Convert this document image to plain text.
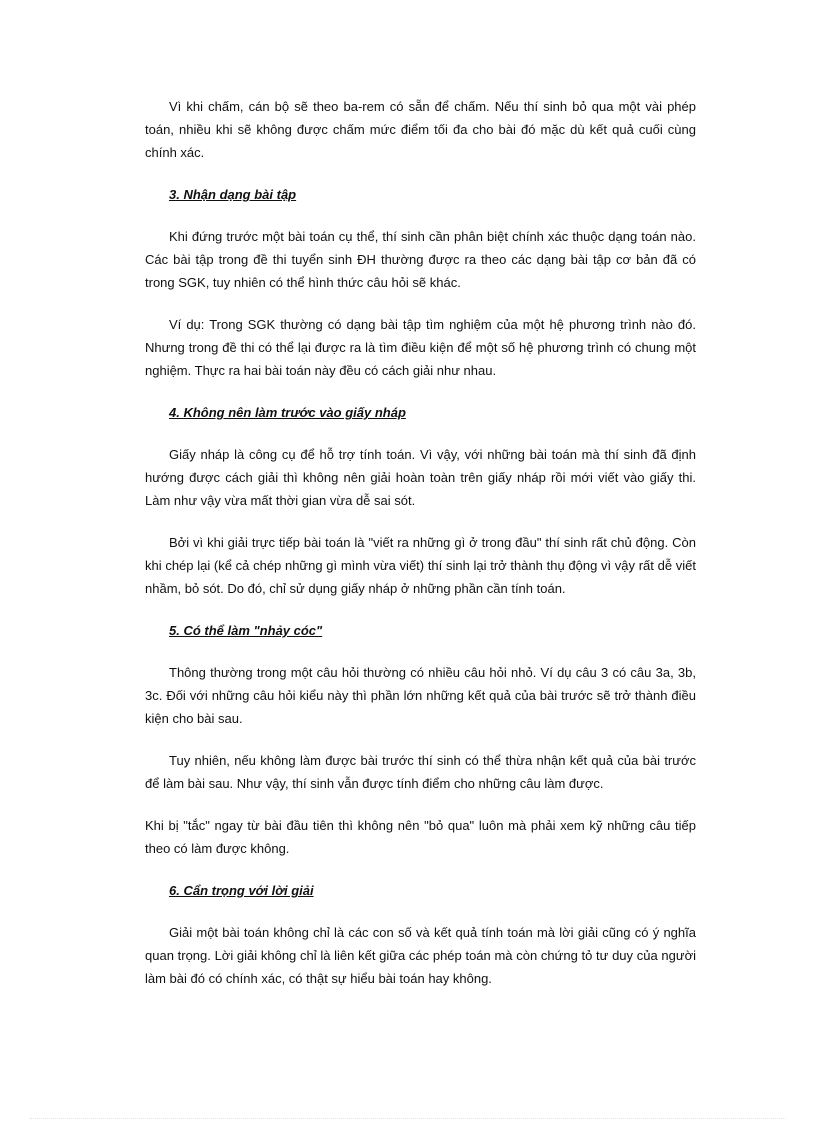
Vì khi chấm, cán bộ sẽ theo ba-rem có sẵn để chấm. Nếu thí sinh bỏ qua một vài phép toán, nhiều khi sẽ không được chấm mức điểm tối đa cho bài đó mặc dù kết quả cuối cùng chính xác.

3. Nhận dạng bài tập

Khi đứng trước một bài toán cụ thể, thí sinh cần phân biệt chính xác thuộc dạng toán nào. Các bài tập trong đề thi tuyển sinh ĐH thường được ra theo các dạng bài tập cơ bản đã có trong SGK, tuy nhiên có thể hình thức câu hỏi sẽ khác.

Ví dụ: Trong SGK thường có dạng bài tập tìm nghiệm của một hệ phương trình nào đó. Nhưng trong đề thi có thể lại được ra là tìm điều kiện để một số hệ phương trình có chung một nghiệm. Thực ra hai bài toán này đều có cách giải như nhau.

4. Không nên làm trước vào giấy nháp

Giấy nháp là công cụ để hỗ trợ tính toán. Vì vậy, với những bài toán mà thí sinh đã định hướng được cách giải thì không nên giải hoàn toàn trên giấy nháp rồi mới viết vào giấy thi. Làm như vậy vừa mất thời gian vừa dễ sai sót.

Bởi vì khi giải trực tiếp bài toán là "viết ra những gì ở trong đầu" thí sinh rất chủ động. Còn khi chép lại (kể cả chép những gì mình vừa viết) thí sinh lại trở thành thụ động vì vậy rất dễ viết nhầm, bỏ sót. Do đó, chỉ sử dụng giấy nháp ở những phần cần tính toán.

5. Có thể làm "nhảy cóc"

Thông thường trong một câu hỏi thường có nhiều câu hỏi nhỏ. Ví dụ câu 3 có câu 3a, 3b, 3c. Đối với những câu hỏi kiểu này thì phần lớn những kết quả của bài trước sẽ trở thành điều kiện cho bài sau.

Tuy nhiên, nếu không làm được bài trước thí sinh có thể thừa nhận kết quả của bài trước để làm bài sau. Như vậy, thí sinh vẫn được tính điểm cho những câu làm được.

Khi bị "tắc" ngay từ bài đầu tiên thì không nên "bỏ qua" luôn mà phải xem kỹ những câu tiếp theo có làm được không.

6. Cẩn trọng với lời giải

Giải một bài toán không chỉ là các con số và kết quả tính toán mà lời giải cũng có ý nghĩa quan trọng. Lời giải không chỉ là liên kết giữa các phép toán mà còn chứng tỏ tư duy của người làm bài đó có chính xác, có thật sự hiểu bài toán hay không.
